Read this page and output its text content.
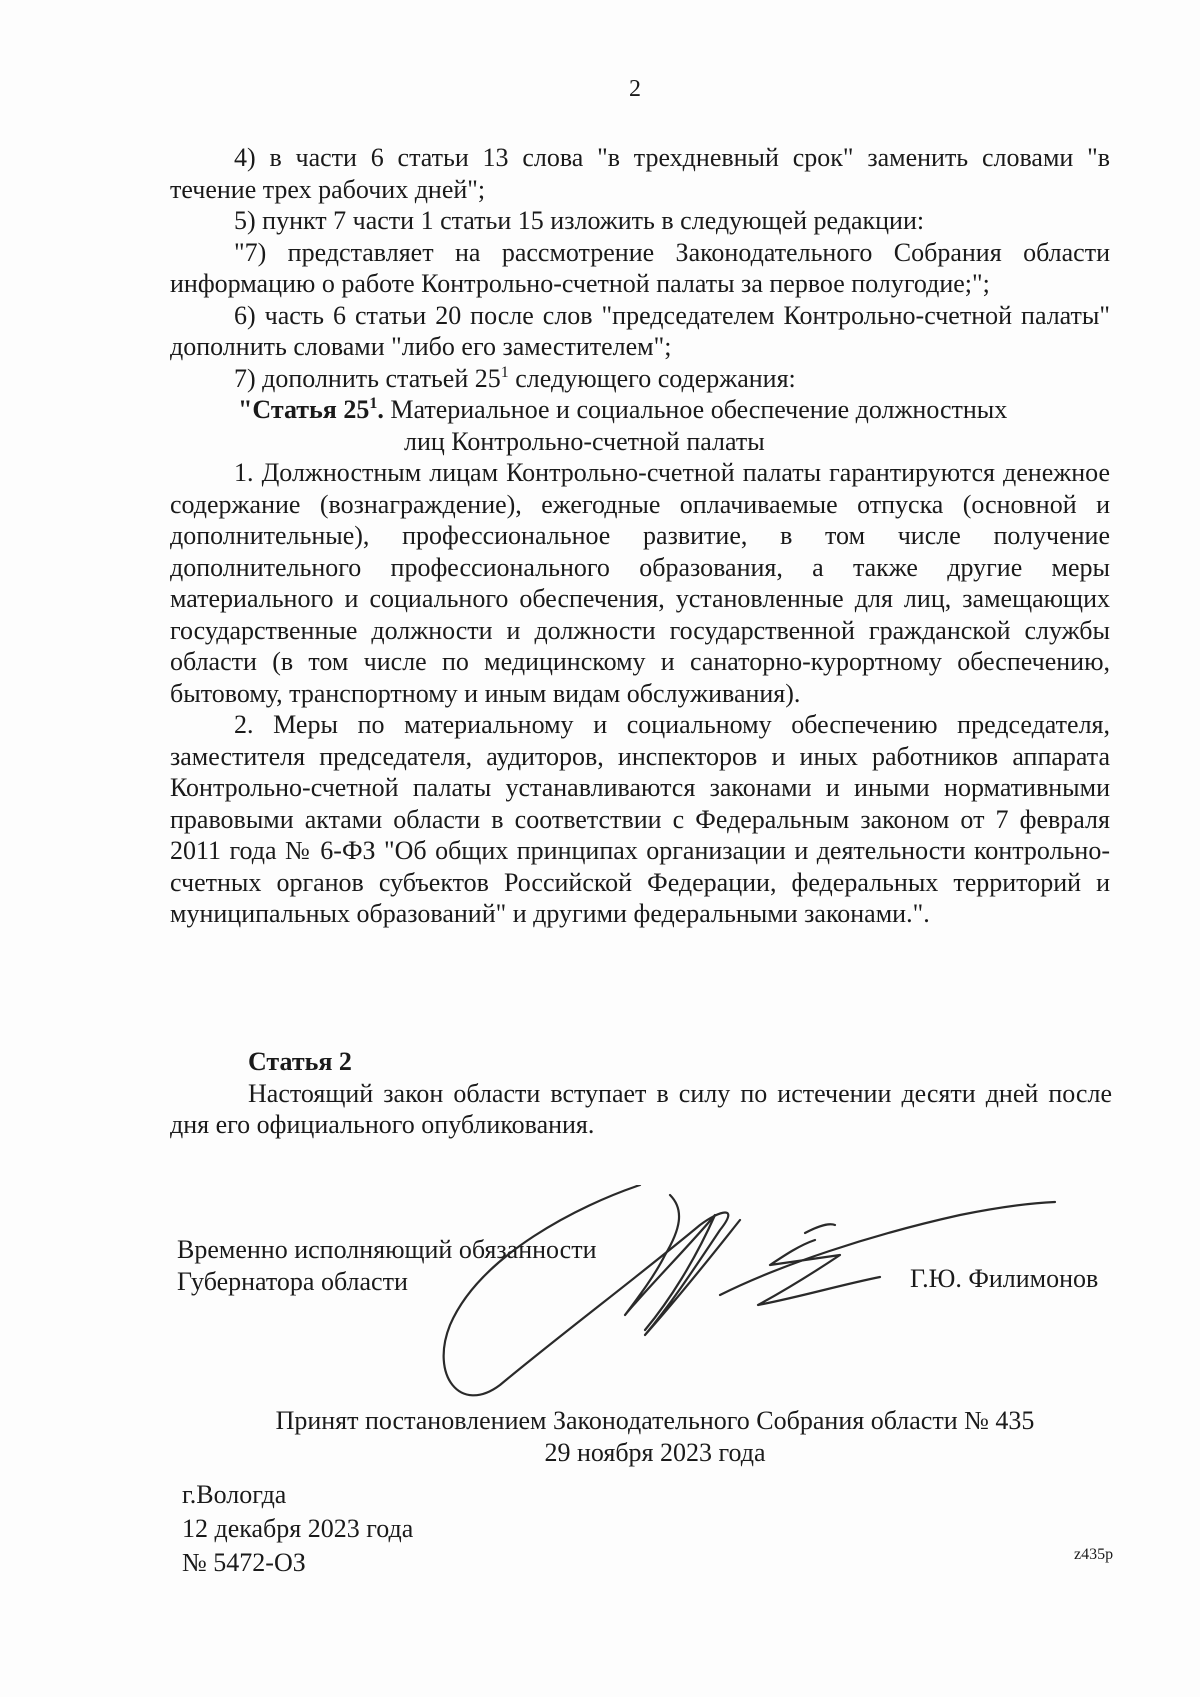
2

4) в части 6 статьи 13 слова "в трехдневный срок" заменить словами "в течение трех рабочих дней";

5) пункт 7 части 1 статьи 15 изложить в следующей редакции:

"7) представляет на рассмотрение Законодательного Собрания области информацию о работе Контрольно-счетной палаты за первое полугодие;";

6) часть 6 статьи 20 после слов "председателем Контрольно-счетной палаты" дополнить словами "либо его заместителем";

7) дополнить статьей $25^1$ следующего содержания:

"Статья $25^1$. Материальное и социальное обеспечение должностных
лиц Контрольно-счетной палаты

1. Должностным лицам Контрольно-счетной палаты гарантируются денежное содержание (вознаграждение), ежегодные оплачиваемые отпуска (основной и дополнительные), профессиональное развитие, в том числе получение дополнительного профессионального образования, а также другие меры материального и социального обеспечения, установленные для лиц, замещающих государственные должности и должности государственной гражданской службы области (в том числе по медицинскому и санаторно-курортному обеспечению, бытовому, транспортному и иным видам обслуживания).

2. Меры по материальному и социальному обеспечению председателя, заместителя председателя, аудиторов, инспекторов и иных работников аппарата Контрольно-счетной палаты устанавливаются законами и иными нормативными правовыми актами области в соответствии с Федеральным законом от 7 февраля 2011 года № 6-ФЗ "Об общих принципах организации и деятельности контрольно-счетных органов субъектов Российской Федерации, федеральных территорий и муниципальных образований" и другими федеральными законами.".

Статья 2

Настоящий закон области вступает в силу по истечении десяти дней после дня его официального опубликования.

Временно исполняющий обязанности
Губернатора области	Г.Ю. Филимонов
Принят постановлением Законодательного Собрания области № 435
29 ноября 2023 года
г.Вологда
12 декабря 2023 года
№ 5472-ОЗ	z435p
